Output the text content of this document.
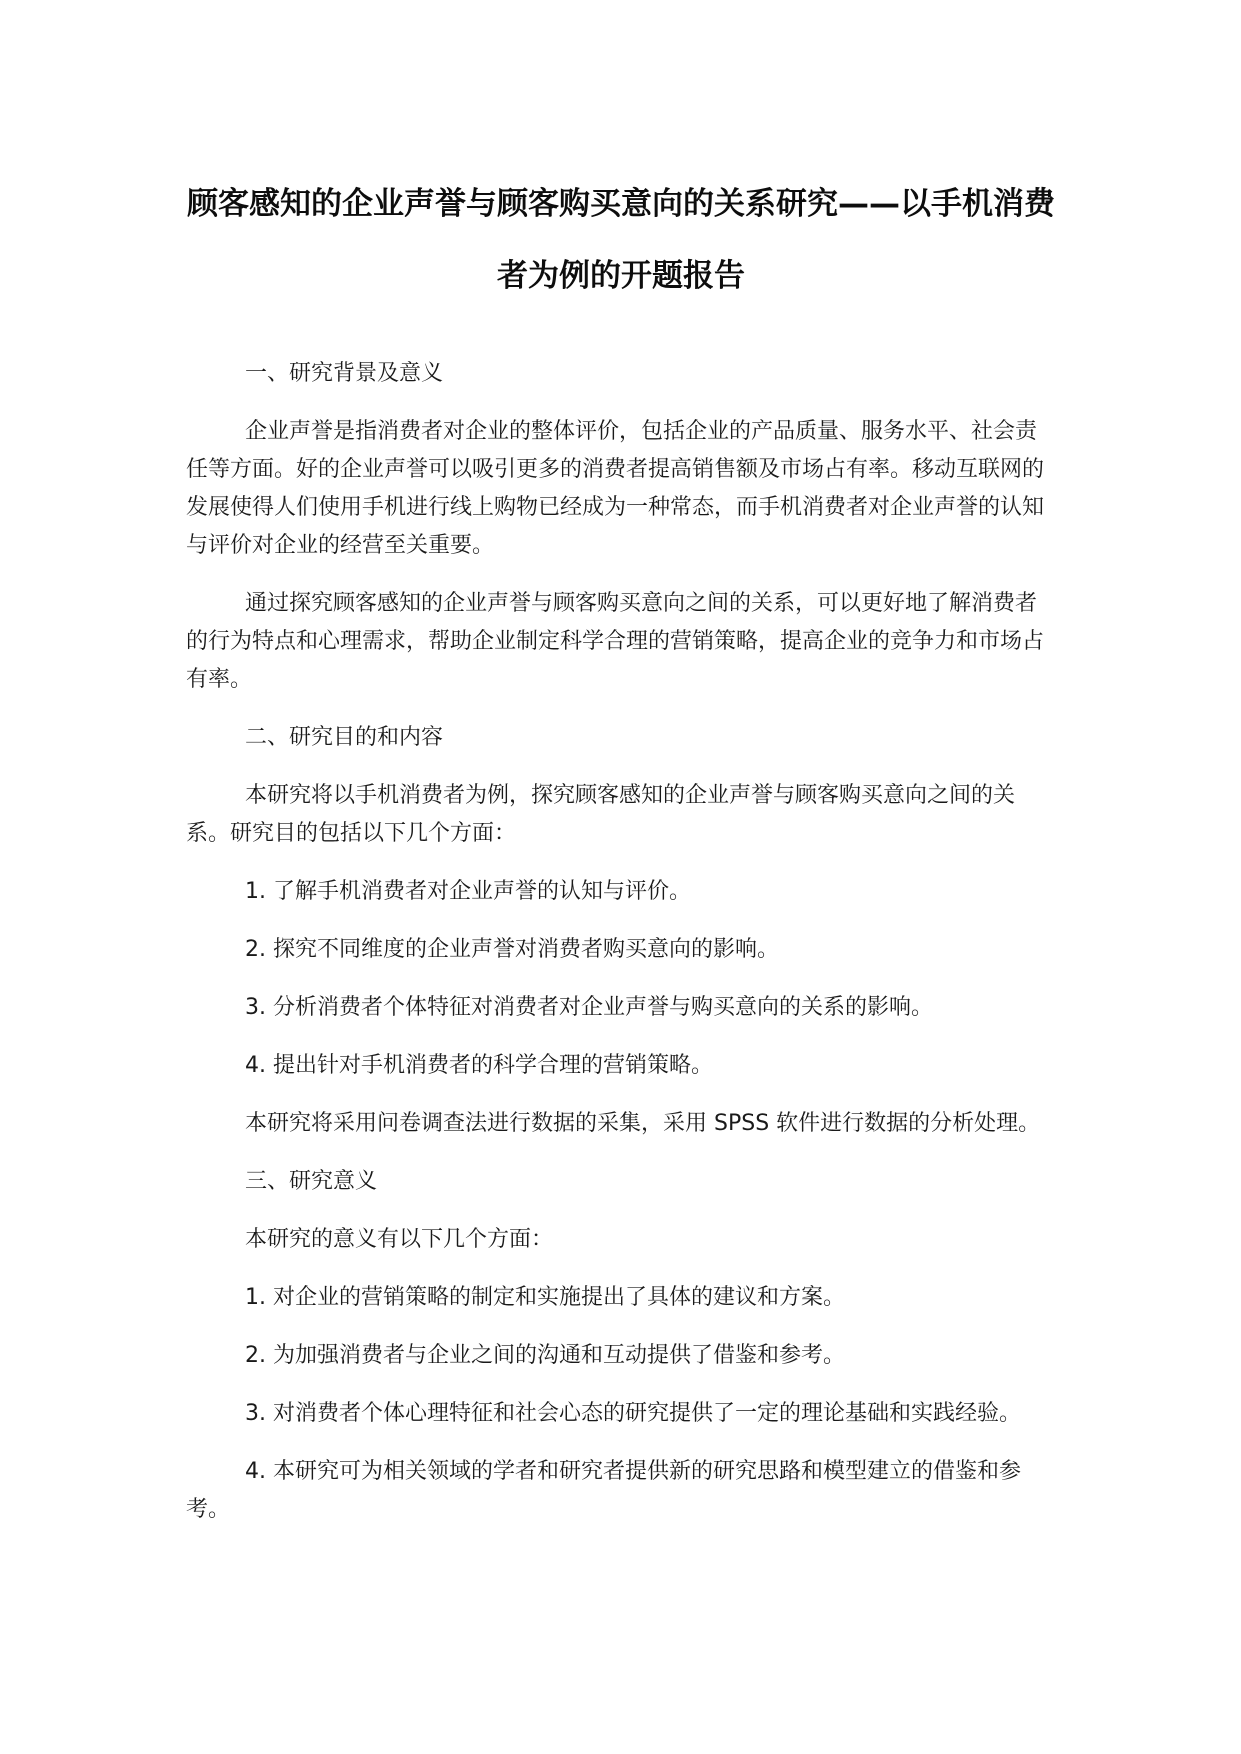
顾客感知的企业声誉与顾客购买意向的关系研究——以手机消费者为例的开题报告

一、研究背景及意义

企业声誉是指消费者对企业的整体评价，包括企业的产品质量、服务水平、社会责任等方面。好的企业声誉可以吸引更多的消费者提高销售额及市场占有率。移动互联网的发展使得人们使用手机进行线上购物已经成为一种常态，而手机消费者对企业声誉的认知与评价对企业的经营至关重要。

通过探究顾客感知的企业声誉与顾客购买意向之间的关系，可以更好地了解消费者的行为特点和心理需求，帮助企业制定科学合理的营销策略，提高企业的竞争力和市场占有率。

二、研究目的和内容

本研究将以手机消费者为例，探究顾客感知的企业声誉与顾客购买意向之间的关系。研究目的包括以下几个方面：

1. 了解手机消费者对企业声誉的认知与评价。

2. 探究不同维度的企业声誉对消费者购买意向的影响。

3. 分析消费者个体特征对消费者对企业声誉与购买意向的关系的影响。

4. 提出针对手机消费者的科学合理的营销策略。

本研究将采用问卷调查法进行数据的采集，采用 SPSS 软件进行数据的分析处理。

三、研究意义

本研究的意义有以下几个方面：

1. 对企业的营销策略的制定和实施提出了具体的建议和方案。

2. 为加强消费者与企业之间的沟通和互动提供了借鉴和参考。

3. 对消费者个体心理特征和社会心态的研究提供了一定的理论基础和实践经验。

4. 本研究可为相关领域的学者和研究者提供新的研究思路和模型建立的借鉴和参考。
